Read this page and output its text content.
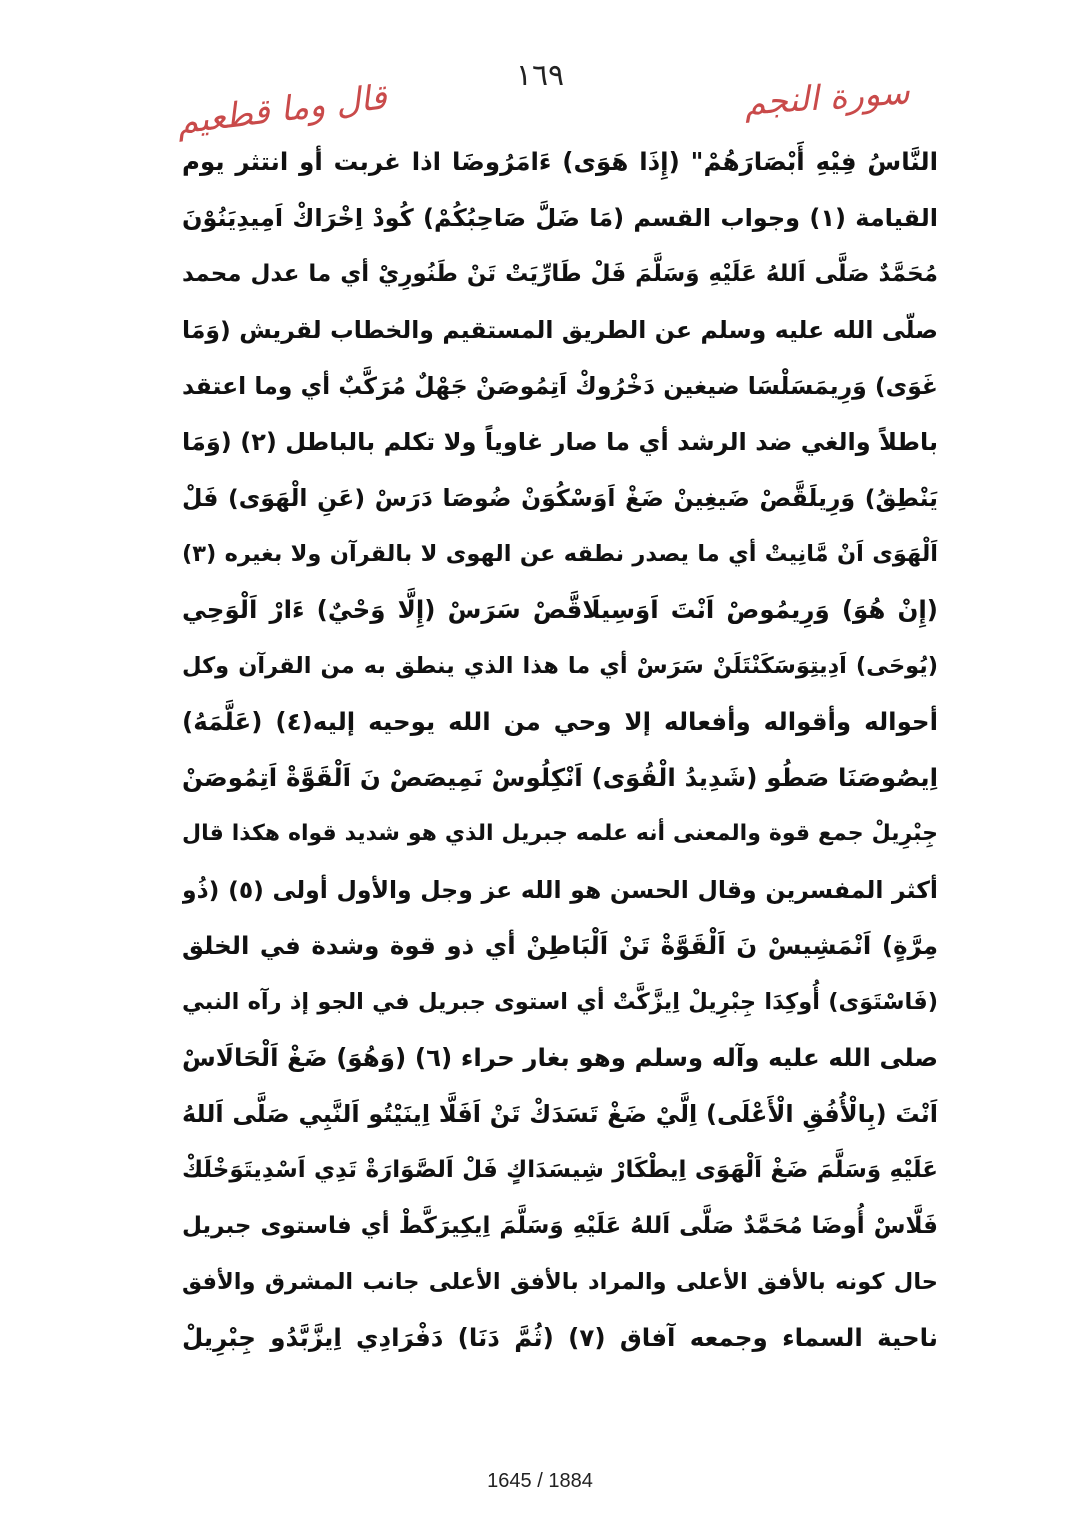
١٦٩	سورة النجم
قال وما قطعيم
النَّاسُ فِيْهِ أَبْصَارَهُمْ" (إِذَا هَوَى) ءَامَرُوضَا اذا غربت أو انتثر يوم
القيامة (١) وجواب القسم (مَا ضَلَّ صَاحِبُكُمْ) كُودْ اِخْرَاكْ اَمِيدِيَنُوْنَ
مُحَمَّدٌ صَلَّى اَللهُ عَلَيْهِ وَسَلَّمَ فَلْ طَارِّيَتْ تَنْ طَنُورِيْ أي ما عدل محمد
صلّى الله عليه وسلم عن الطريق المستقيم والخطاب لقريش (وَمَا
غَوَى) وَرِيمَسَلْسَا ضيغين دَخْرُوكْ اَتِمُوصَنْ جَهْلٌ مُرَكَّبٌ أي وما اعتقد
باطلاً والغي ضد الرشد أي ما صار غاوياً ولا تكلم بالباطل (٢) (وَمَا
يَنْطِقُ) وَرِيلَقَّصْ ضَيغِينْ ضَغْ اَوَسْكُوَنْ ضُوصَا دَرَسْ (عَنِ الْهَوَى) فَلْ
اَلْهَوَى اَنْ مَّانِيتْ أي ما يصدر نطقه عن الهوى لا بالقرآن ولا بغيره (٣)
(إِنْ هُوَ) وَرِيمُوصْ اَنْتَ اَوَسِيلَاقَّصْ سَرَسْ (إِلَّا وَحْيٌ) ءَارْ اَلْوَحِي
(يُوحَى) اَدِيتِوَسَكَنْتَلَنْ سَرَسْ أي ما هذا الذي ينطق به من القرآن وكل
أحواله وأقواله وأفعاله إلا وحي من الله يوحيه إليه(٤) (عَلَّمَهُ)
اِيصُوصَنَا صَطُو (شَدِيدُ الْقُوَى) اَنْكِلُوسْ نَمِيصَصْ نَ اَلْقَوَّةْ اَتِمُوصَنْ
جِبْرِيلْ جمع قوة والمعنى أنه علمه جبريل الذي هو شديد قواه هكذا قال
أكثر المفسرين وقال الحسن هو الله عز وجل والأول أولى (٥) (ذُو
مِرَّةٍ) اَنْمَشِيسْ نَ اَلْقَوَّةْ تَنْ اَلْبَاطِنْ أي ذو قوة وشدة في الخلق
(فَاسْتَوَى) أُوكِدَا جِبْرِيلْ اِيزَّكَّتْ أي استوى جبريل في الجو إذ رآه النبي
صلى الله عليه وآله وسلم وهو بغار حراء (٦) (وَهُوَ) ضَغْ اَلْحَالَاسْ
اَنْتَ (بِالْأُفُقِ الْأَعْلَى) اِلَّيْ ضَغْ تَسَدَكْ تَنْ اَفَلَّا اِينَيْتُو اَلنَّبِي صَلَّى اَللهُ
عَلَيْهِ وَسَلَّمَ ضَغْ اَلْهَوَى اِيطْكَارْ شِيسَدَاكٍ فَلْ اَلصَّوَارَةْ تَدِي اَسْدِيتَوَخْلَكْ
فَلَّاسْ أُوضَا مُحَمَّدٌ صَلَّى اَللهُ عَلَيْهِ وَسَلَّمَ اِيكِيرَكَّطْ أي فاستوى جبريل
حال كونه بالأفق الأعلى والمراد بالأفق الأعلى جانب المشرق والأفق
ناحية السماء وجمعه آفاق (٧) (ثُمَّ دَنَا) دَفْرَادِي اِيزَّبَّدُو جِبْرِيلْ
1645 / 1884
